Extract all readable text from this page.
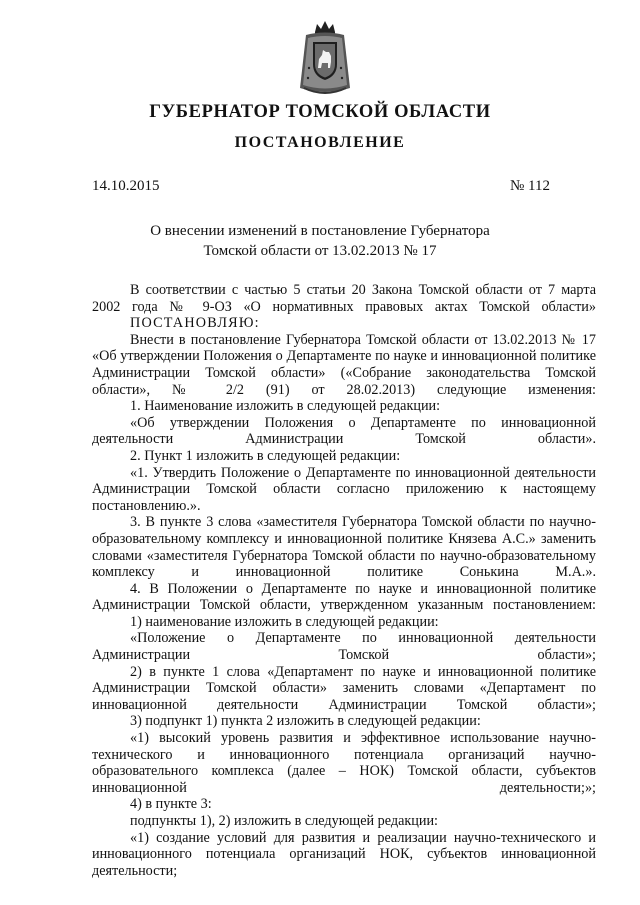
ГУБЕРНАТОР ТОМСКОЙ ОБЛАСТИ
ПОСТАНОВЛЕНИЕ
14.10.2015	№ 112
О внесении изменений в постановление Губернатора
Томской области от 13.02.2013 № 17

В соответствии с частью 5 статьи 20 Закона Томской области от 7 марта 2002 года № 9-ОЗ «О нормативных правовых актах Томской области»

ПОСТАНОВЛЯЮ:

Внести в постановление Губернатора Томской области от 13.02.2013 № 17 «Об утверждении Положения о Департаменте по науке и инновационной политике Администрации Томской области» («Собрание законодательства Томской области», № 2/2 (91) от 28.02.2013) следующие изменения:

1. Наименование изложить в следующей редакции:

«Об утверждении Положения о Департаменте по инновационной деятельности Администрации Томской области».

2. Пункт 1 изложить в следующей редакции:

«1. Утвердить Положение о Департаменте по инновационной деятельности Администрации Томской области согласно приложению к настоящему постановлению.».

3. В пункте 3 слова «заместителя Губернатора Томской области по научно-образовательному комплексу и инновационной политике Князева А.С.» заменить словами «заместителя Губернатора Томской области по научно-образовательному комплексу и инновационной политике Сонькина М.А.».

4. В Положении о Департаменте по науке и инновационной политике Администрации Томской области, утвержденном указанным постановлением:

1) наименование изложить в следующей редакции:

«Положение о Департаменте по инновационной деятельности Администрации Томской области»;

2) в пункте 1 слова «Департамент по науке и инновационной политике Администрации Томской области» заменить словами «Департамент по инновационной деятельности Администрации Томской области»;

3) подпункт 1) пункта 2 изложить в следующей редакции:

«1) высокий уровень развития и эффективное использование научно-технического и инновационного потенциала организаций научно-образовательного комплекса (далее – НОК) Томской области, субъектов инновационной деятельности;»;

4) в пункте 3:

подпункты 1), 2) изложить в следующей редакции:

«1) создание условий для развития и реализации научно-технического и инновационного потенциала организаций НОК, субъектов инновационной деятельности;
